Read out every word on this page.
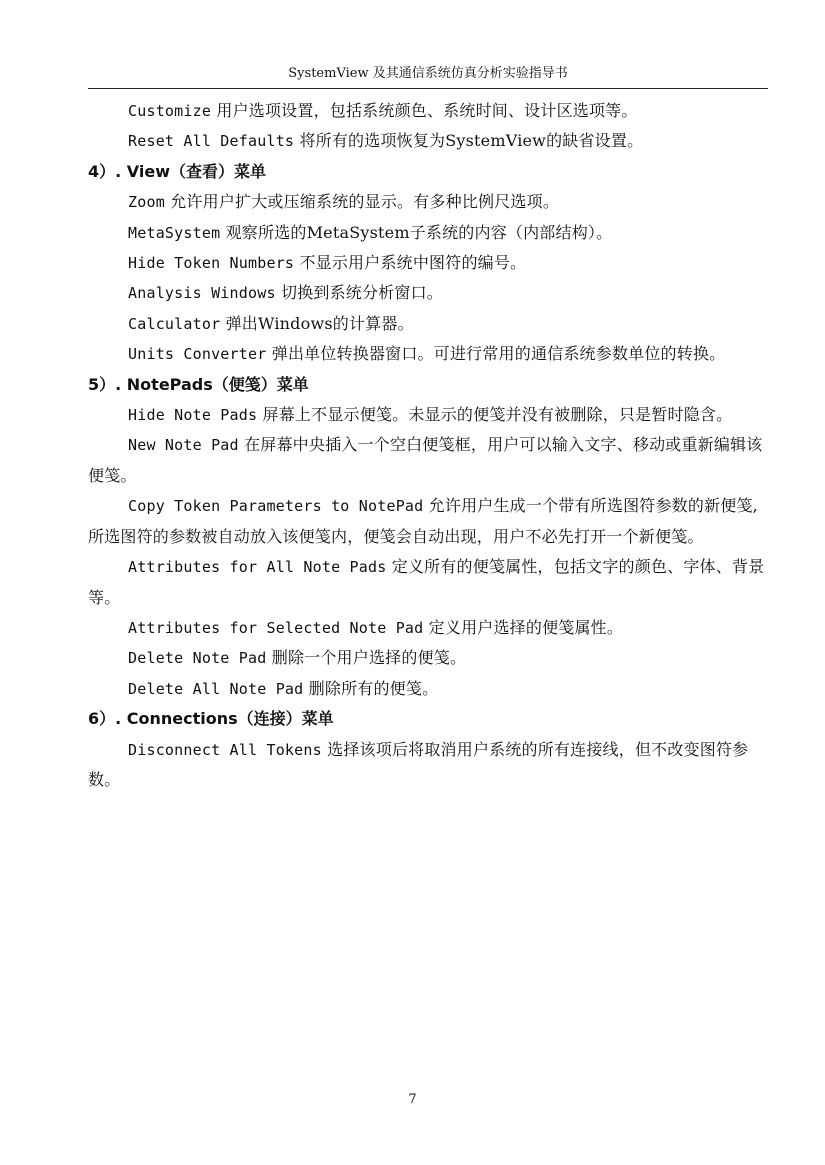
SystemView 及其通信系统仿真分析实验指导书

Customize 用户选项设置，包括系统颜色、系统时间、设计区选项等。

Reset All Defaults 将所有的选项恢复为SystemView的缺省设置。

4）. View（查看）菜单

Zoom 允许用户扩大或压缩系统的显示。有多种比例尺选项。

MetaSystem 观察所选的MetaSystem子系统的内容（内部结构）。

Hide Token Numbers 不显示用户系统中图符的编号。

Analysis Windows 切换到系统分析窗口。

Calculator 弹出Windows的计算器。

Units Converter 弹出单位转换器窗口。可进行常用的通信系统参数单位的转换。

5）. NotePads（便笺）菜单

Hide Note Pads 屏幕上不显示便笺。未显示的便笺并没有被删除，只是暂时隐含。

New Note Pad 在屏幕中央插入一个空白便笺框，用户可以输入文字、移动或重新编辑该便笺。

Copy Token Parameters to NotePad 允许用户生成一个带有所选图符参数的新便笺,所选图符的参数被自动放入该便笺内，便笺会自动出现，用户不必先打开一个新便笺。

Attributes for All Note Pads 定义所有的便笺属性，包括文字的颜色、字体、背景等。

Attributes for Selected Note Pad 定义用户选择的便笺属性。

Delete Note Pad 删除一个用户选择的便笺。

Delete All Note Pad 删除所有的便笺。

6）. Connections（连接）菜单

Disconnect All Tokens 选择该项后将取消用户系统的所有连接线，但不改变图符参数。

7
